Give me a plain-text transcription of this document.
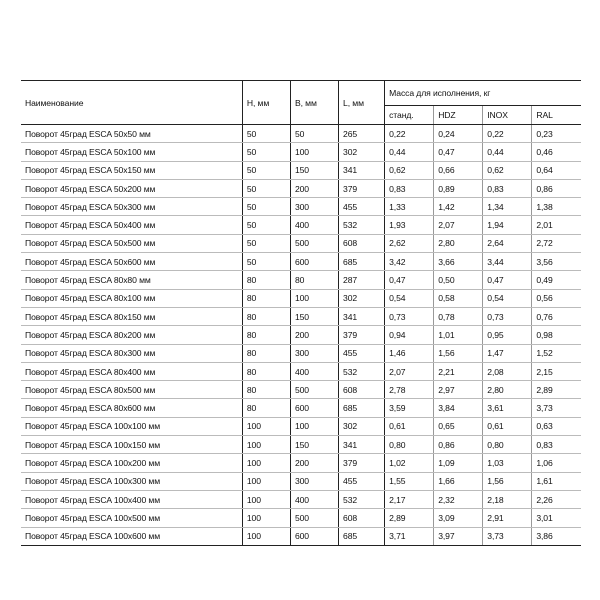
Наименование	H, мм	B, мм	L, мм	Масса для исполнения, кг			
				станд.	HDZ	INOX	RAL
Поворот 45град ESCA 50x50 мм	50	50	265	0,22	0,24	0,22	0,23
Поворот 45град ESCA 50x100 мм	50	100	302	0,44	0,47	0,44	0,46
Поворот 45град ESCA 50x150 мм	50	150	341	0,62	0,66	0,62	0,64
Поворот 45град ESCA 50x200 мм	50	200	379	0,83	0,89	0,83	0,86
Поворот 45град ESCA 50x300 мм	50	300	455	1,33	1,42	1,34	1,38
Поворот 45град ESCA 50x400 мм	50	400	532	1,93	2,07	1,94	2,01
Поворот 45град ESCA 50x500 мм	50	500	608	2,62	2,80	2,64	2,72
Поворот 45град ESCA 50x600 мм	50	600	685	3,42	3,66	3,44	3,56
Поворот 45град ESCA 80x80 мм	80	80	287	0,47	0,50	0,47	0,49
Поворот 45град ESCA 80x100 мм	80	100	302	0,54	0,58	0,54	0,56
Поворот 45град ESCA 80x150 мм	80	150	341	0,73	0,78	0,73	0,76
Поворот 45град ESCA 80x200 мм	80	200	379	0,94	1,01	0,95	0,98
Поворот 45град ESCA 80x300 мм	80	300	455	1,46	1,56	1,47	1,52
Поворот 45град ESCA 80x400 мм	80	400	532	2,07	2,21	2,08	2,15
Поворот 45град ESCA 80x500 мм	80	500	608	2,78	2,97	2,80	2,89
Поворот 45град ESCA 80x600 мм	80	600	685	3,59	3,84	3,61	3,73
Поворот 45град ESCA 100x100 мм	100	100	302	0,61	0,65	0,61	0,63
Поворот 45град ESCA 100x150 мм	100	150	341	0,80	0,86	0,80	0,83
Поворот 45град ESCA 100x200 мм	100	200	379	1,02	1,09	1,03	1,06
Поворот 45град ESCA 100x300 мм	100	300	455	1,55	1,66	1,56	1,61
Поворот 45град ESCA 100x400 мм	100	400	532	2,17	2,32	2,18	2,26
Поворот 45град ESCA 100x500 мм	100	500	608	2,89	3,09	2,91	3,01
Поворот 45град ESCA 100x600 мм	100	600	685	3,71	3,97	3,73	3,86
